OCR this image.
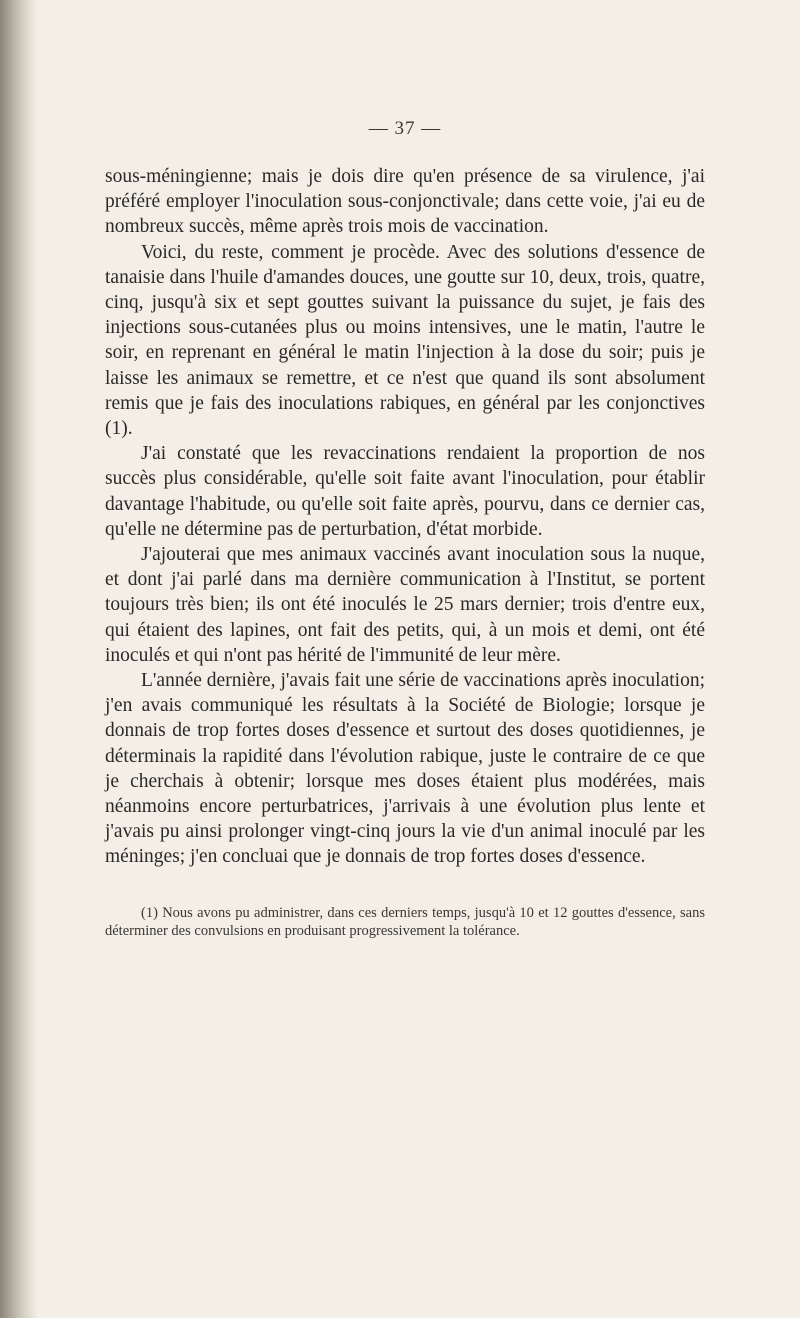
— 37 —

sous-méningienne; mais je dois dire qu'en présence de sa virulence, j'ai préféré employer l'inoculation sous-conjonctivale; dans cette voie, j'ai eu de nombreux succès, même après trois mois de vaccination.

Voici, du reste, comment je procède. Avec des solutions d'essence de tanaisie dans l'huile d'amandes douces, une goutte sur 10, deux, trois, quatre, cinq, jusqu'à six et sept gouttes suivant la puissance du sujet, je fais des injections sous-cutanées plus ou moins intensives, une le matin, l'autre le soir, en reprenant en général le matin l'injection à la dose du soir; puis je laisse les animaux se remettre, et ce n'est que quand ils sont absolument remis que je fais des inoculations rabiques, en général par les conjonctives (1).

J'ai constaté que les revaccinations rendaient la proportion de nos succès plus considérable, qu'elle soit faite avant l'inoculation, pour établir davantage l'habitude, ou qu'elle soit faite après, pourvu, dans ce dernier cas, qu'elle ne détermine pas de perturbation, d'état morbide.

J'ajouterai que mes animaux vaccinés avant inoculation sous la nuque, et dont j'ai parlé dans ma dernière communication à l'Institut, se portent toujours très bien; ils ont été inoculés le 25 mars dernier; trois d'entre eux, qui étaient des lapines, ont fait des petits, qui, à un mois et demi, ont été inoculés et qui n'ont pas hérité de l'immunité de leur mère.

L'année dernière, j'avais fait une série de vaccinations après inoculation; j'en avais communiqué les résultats à la Société de Biologie; lorsque je donnais de trop fortes doses d'essence et surtout des doses quotidiennes, je déterminais la rapidité dans l'évolution rabique, juste le contraire de ce que je cherchais à obtenir; lorsque mes doses étaient plus modérées, mais néanmoins encore perturbatrices, j'arrivais à une évolution plus lente et j'avais pu ainsi prolonger vingt-cinq jours la vie d'un animal inoculé par les méninges; j'en concluai que je donnais de trop fortes doses d'essence.

(1) Nous avons pu administrer, dans ces derniers temps, jusqu'à 10 et 12 gouttes d'essence, sans déterminer des convulsions en produisant progressivement la tolérance.
